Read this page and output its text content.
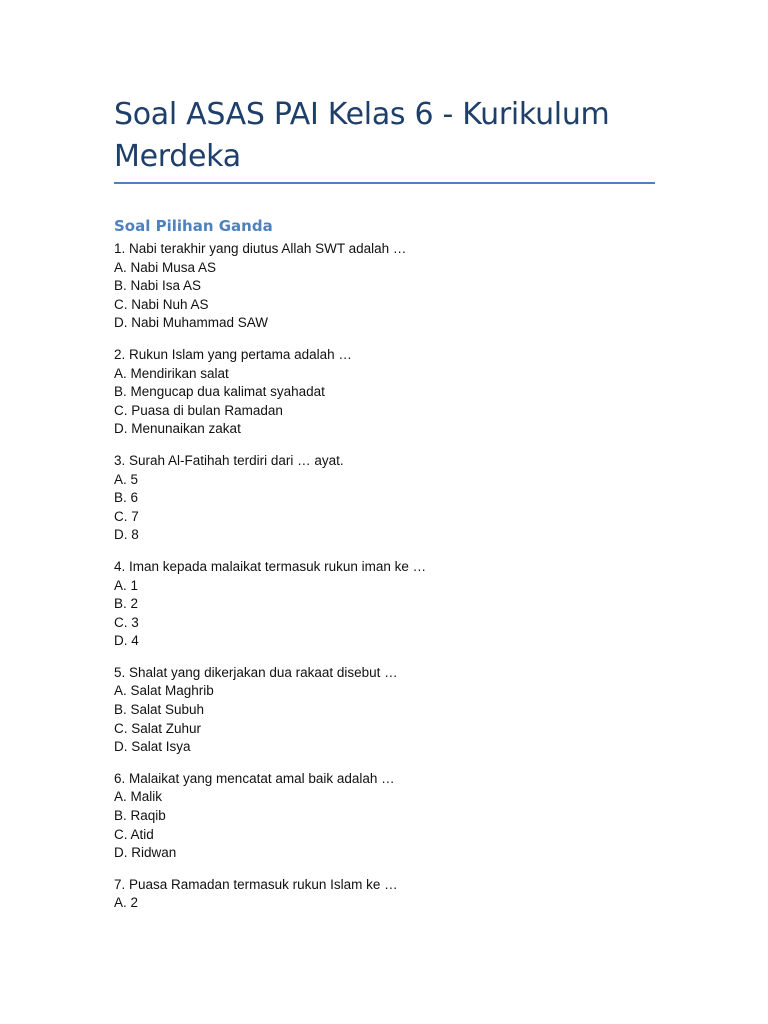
Soal ASAS PAI Kelas 6 - Kurikulum Merdeka
Soal Pilihan Ganda
1. Nabi terakhir yang diutus Allah SWT adalah …
A. Nabi Musa AS
B. Nabi Isa AS
C. Nabi Nuh AS
D. Nabi Muhammad SAW
2. Rukun Islam yang pertama adalah …
A. Mendirikan salat
B. Mengucap dua kalimat syahadat
C. Puasa di bulan Ramadan
D. Menunaikan zakat
3. Surah Al-Fatihah terdiri dari … ayat.
A. 5
B. 6
C. 7
D. 8
4. Iman kepada malaikat termasuk rukun iman ke …
A. 1
B. 2
C. 3
D. 4
5. Shalat yang dikerjakan dua rakaat disebut …
A. Salat Maghrib
B. Salat Subuh
C. Salat Zuhur
D. Salat Isya
6. Malaikat yang mencatat amal baik adalah …
A. Malik
B. Raqib
C. Atid
D. Ridwan
7. Puasa Ramadan termasuk rukun Islam ke …
A. 2
